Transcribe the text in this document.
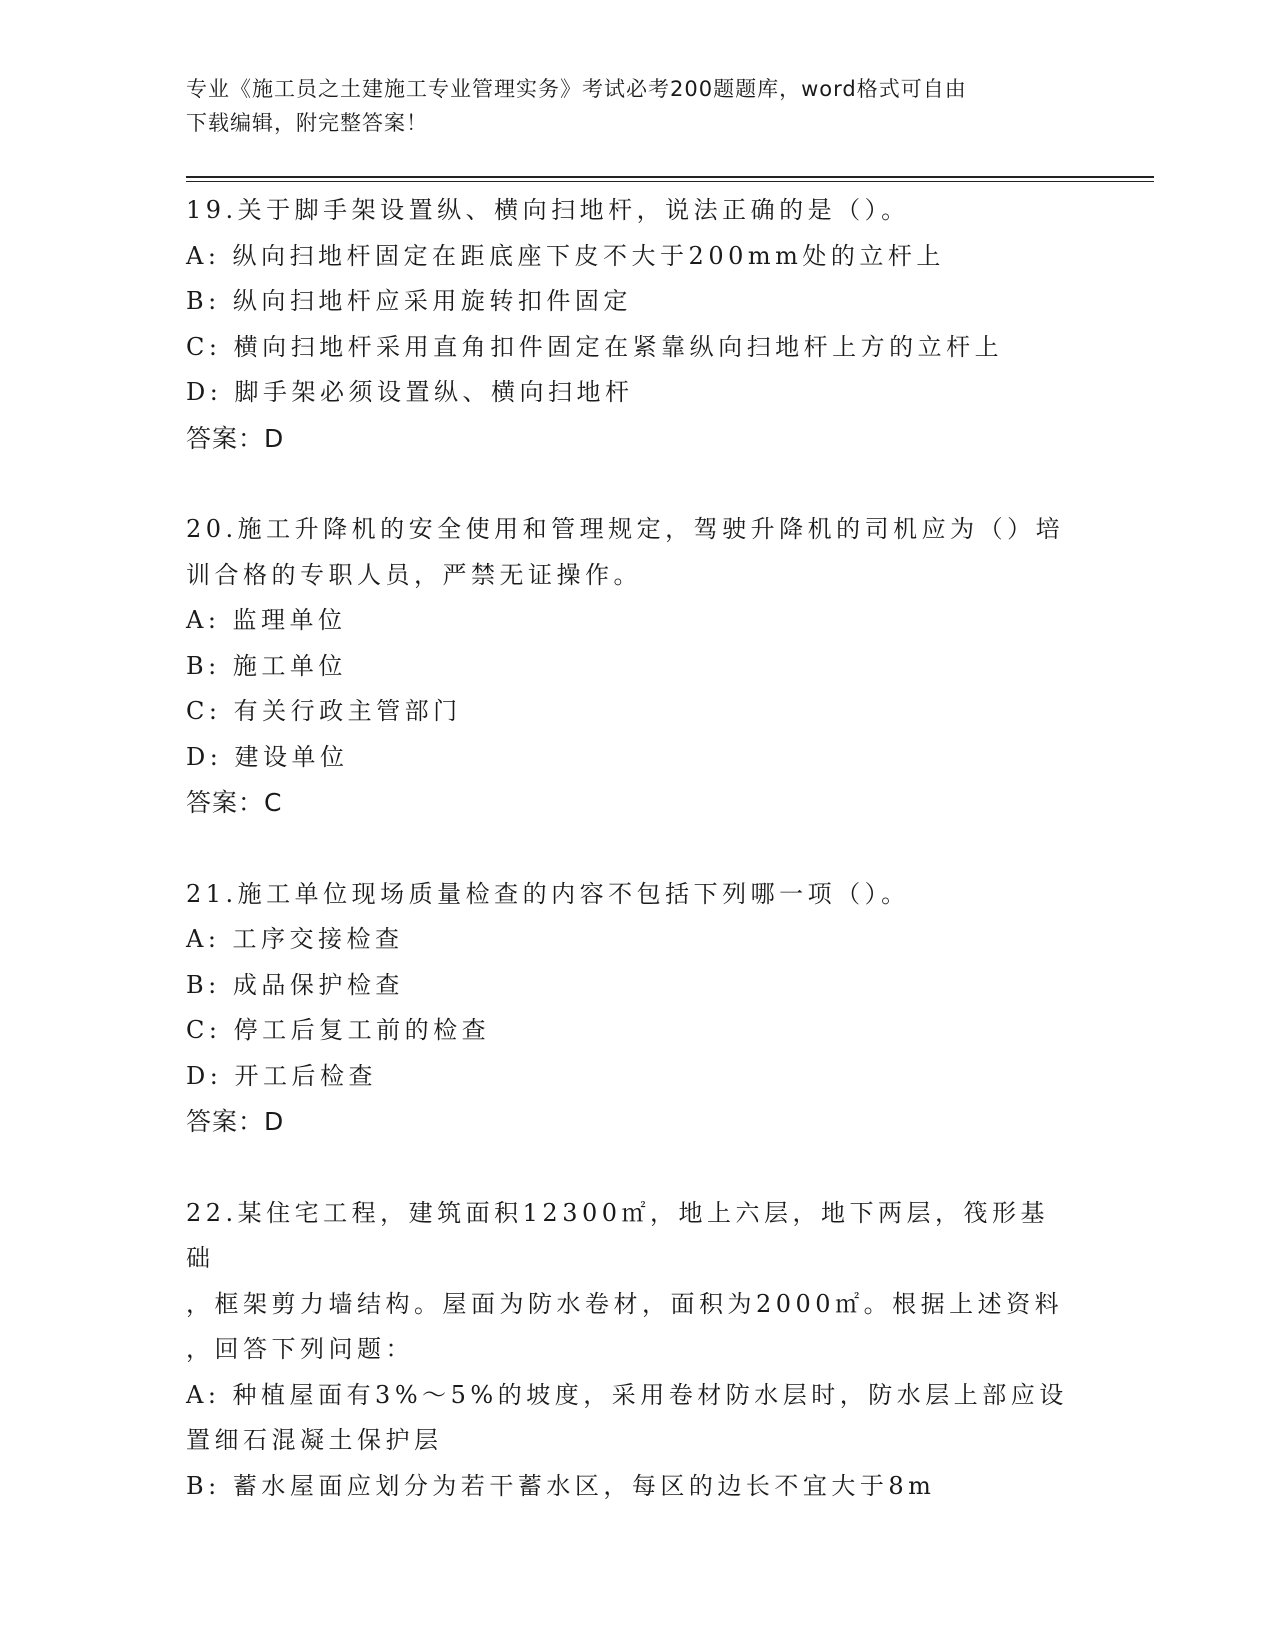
专业《施工员之土建施工专业管理实务》考试必考200题题库，word格式可自由
下载编辑，附完整答案！

19.关于脚手架设置纵、横向扫地杆，说法正确的是（）。

A: 纵向扫地杆固定在距底座下皮不大于200mm处的立杆上

B: 纵向扫地杆应采用旋转扣件固定

C: 横向扫地杆采用直角扣件固定在紧靠纵向扫地杆上方的立杆上

D: 脚手架必须设置纵、横向扫地杆

答案：D

20.施工升降机的安全使用和管理规定，驾驶升降机的司机应为（）培

训合格的专职人员，严禁无证操作。

A: 监理单位

B: 施工单位

C: 有关行政主管部门

D: 建设单位

答案：C

21.施工单位现场质量检查的内容不包括下列哪一项（）。

A: 工序交接检查

B: 成品保护检查

C: 停工后复工前的检查

D: 开工后检查

答案：D

22.某住宅工程，建筑面积12300㎡，地上六层，地下两层，筏形基础

，框架剪力墙结构。屋面为防水卷材，面积为2000㎡。根据上述资料

，回答下列问题：

A: 种植屋面有3%～5%的坡度，采用卷材防水层时，防水层上部应设

置细石混凝土保护层

B: 蓄水屋面应划分为若干蓄水区，每区的边长不宜大于8m
